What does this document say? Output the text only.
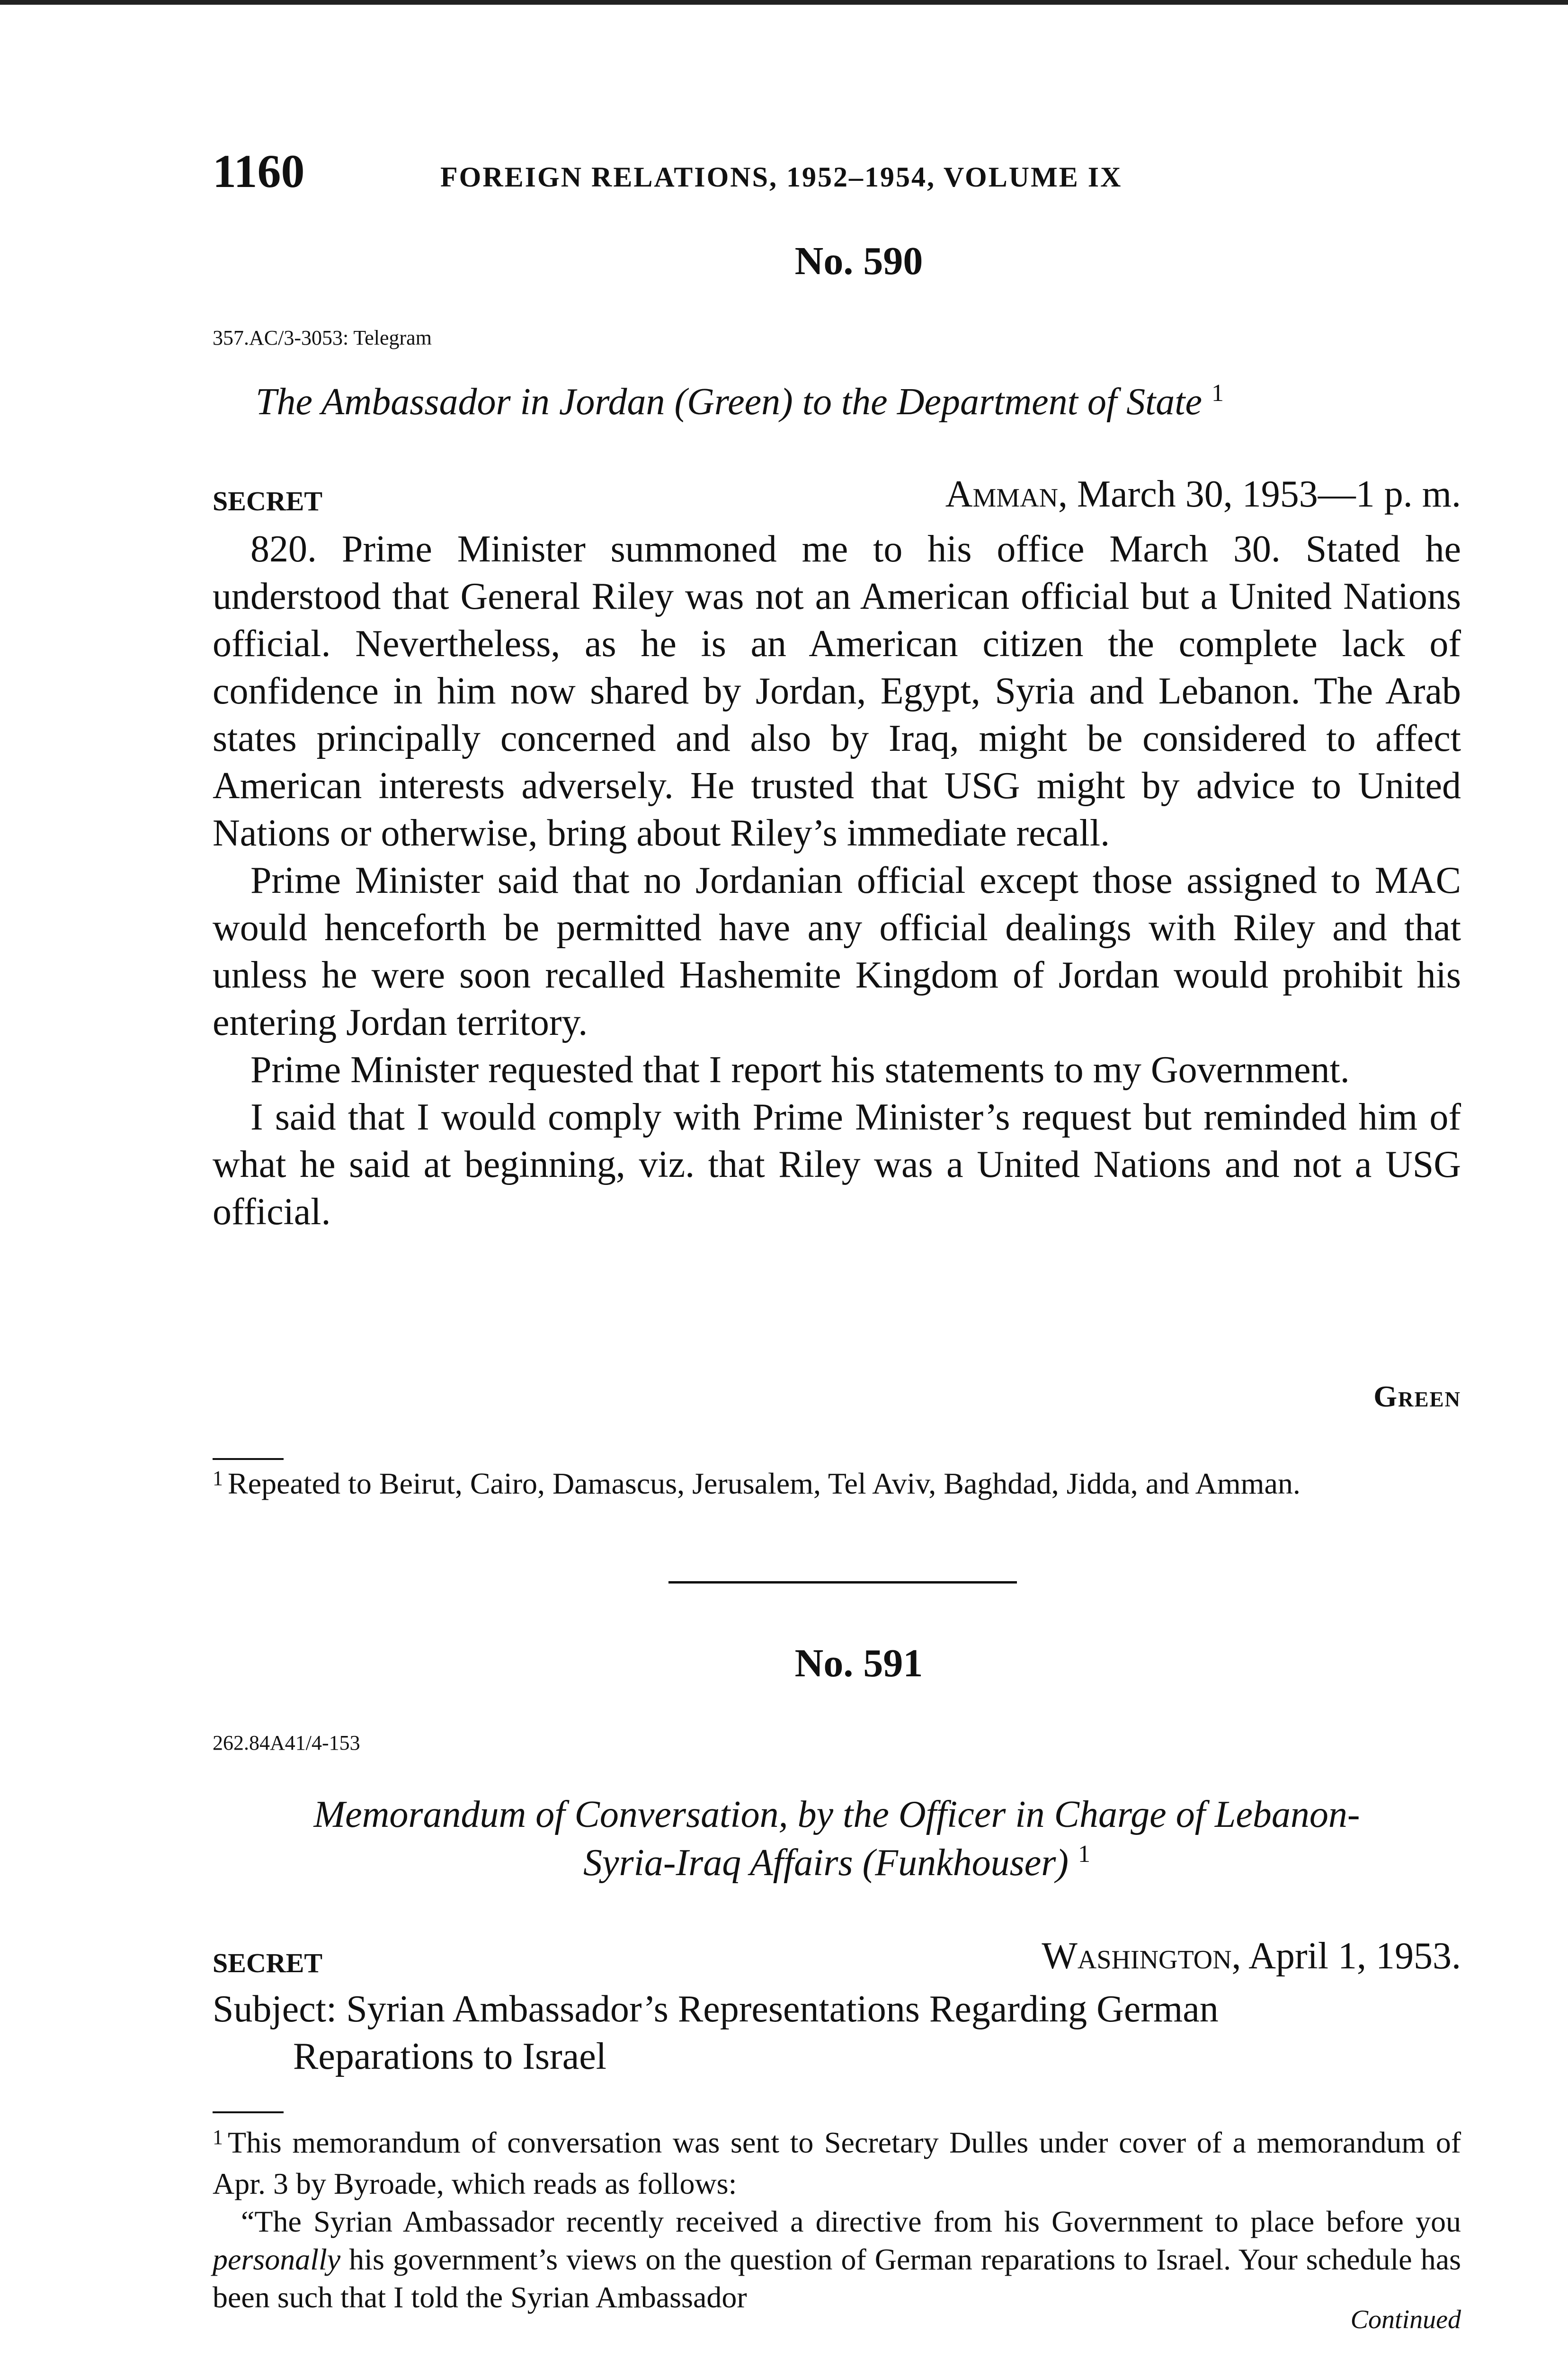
1160	FOREIGN RELATIONS, 1952–1954, VOLUME IX
No. 590
357.AC/3-3053: Telegram
The Ambassador in Jordan (Green) to the Department of State $^1$
SECRET	Amman, March 30, 1953—1 p. m.

820. Prime Minister summoned me to his office March 30. Stated he understood that General Riley was not an American official but a United Nations official. Nevertheless, as he is an American citizen the complete lack of confidence in him now shared by Jordan, Egypt, Syria and Lebanon. The Arab states principally concerned and also by Iraq, might be considered to affect American interests adversely. He trusted that USG might by advice to United Nations or otherwise, bring about Riley’s immediate recall.

Prime Minister said that no Jordanian official except those assigned to MAC would henceforth be permitted have any official dealings with Riley and that unless he were soon recalled Hashemite Kingdom of Jordan would prohibit his entering Jordan territory.

Prime Minister requested that I report his statements to my Government.

I said that I would comply with Prime Minister’s request but reminded him of what he said at beginning, viz. that Riley was a United Nations and not a USG official.

Green

$^1$ Repeated to Beirut, Cairo, Damascus, Jerusalem, Tel Aviv, Baghdad, Jidda, and Amman.

No. 591
262.84A41/4-153
Memorandum of Conversation, by the Officer in Charge of Lebanon-
Syria-Iraq Affairs (Funkhouser) $^1$
SECRET	Washington, April 1, 1953.
Subject: Syrian Ambassador’s Representations Regarding German
Reparations to Israel

$^1$ This memorandum of conversation was sent to Secretary Dulles under cover of a memorandum of Apr. 3 by Byroade, which reads as follows:

“The Syrian Ambassador recently received a directive from his Government to place before you personally his government’s views on the question of German reparations to Israel. Your schedule has been such that I told the Syrian Ambassador

Continued
